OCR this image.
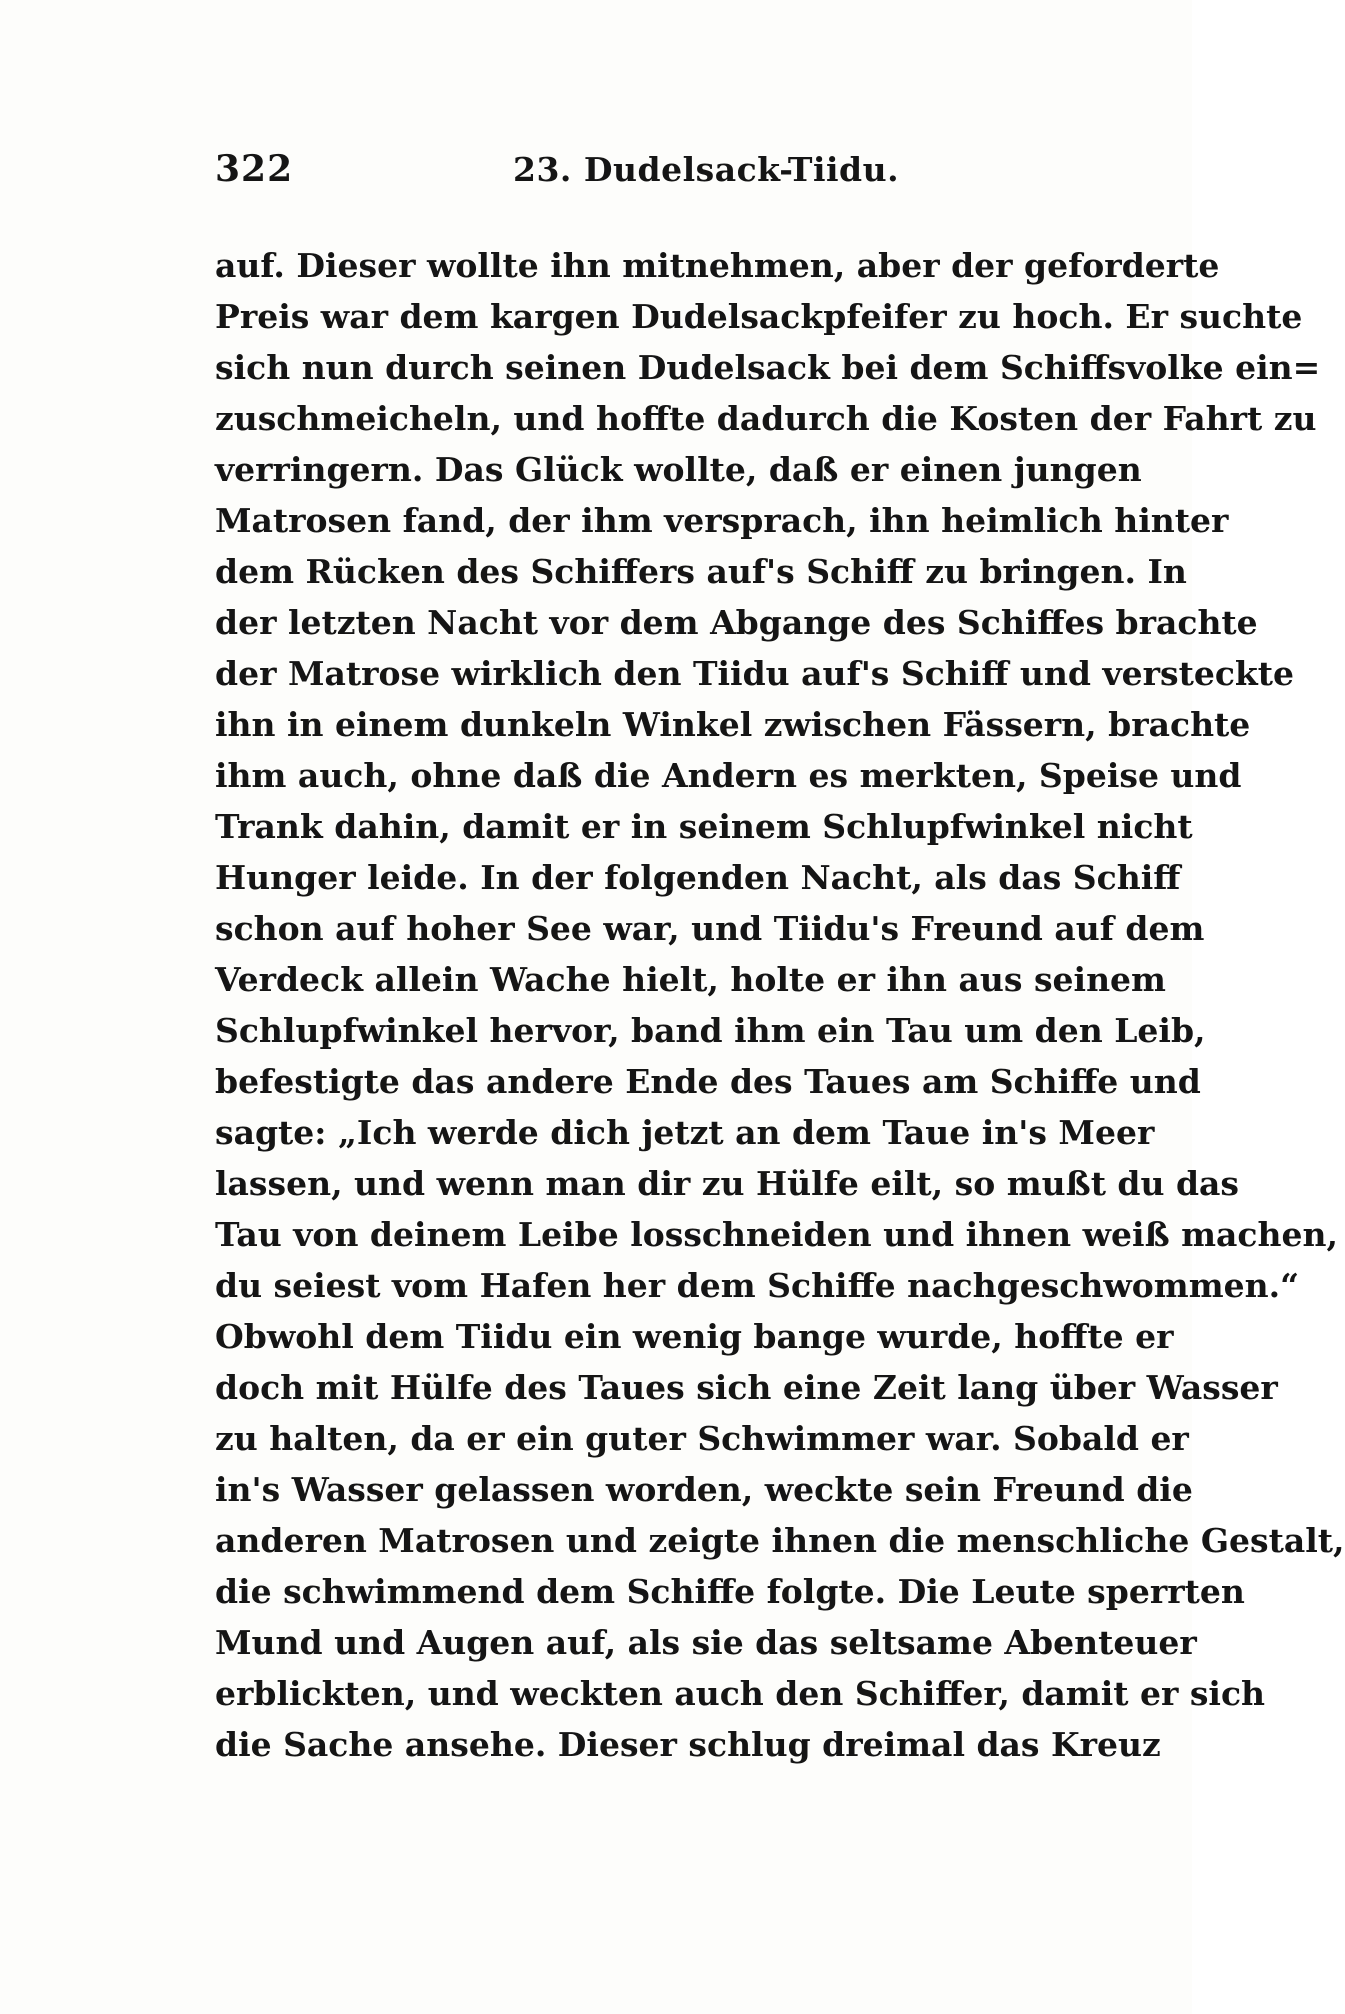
322	23. Dudelsack-Tiidu.
auf. Dieser wollte ihn mitnehmen, aber der geforderte
Preis war dem kargen Dudelsackpfeifer zu hoch. Er suchte
sich nun durch seinen Dudelsack bei dem Schiffsvolke ein=
zuschmeicheln, und hoffte dadurch die Kosten der Fahrt zu
verringern. Das Glück wollte, daß er einen jungen
Matrosen fand, der ihm versprach, ihn heimlich hinter
dem Rücken des Schiffers auf's Schiff zu bringen. In
der letzten Nacht vor dem Abgange des Schiffes brachte
der Matrose wirklich den Tiidu auf's Schiff und versteckte
ihn in einem dunkeln Winkel zwischen Fässern, brachte
ihm auch, ohne daß die Andern es merkten, Speise und
Trank dahin, damit er in seinem Schlupfwinkel nicht
Hunger leide. In der folgenden Nacht, als das Schiff
schon auf hoher See war, und Tiidu's Freund auf dem
Verdeck allein Wache hielt, holte er ihn aus seinem
Schlupfwinkel hervor, band ihm ein Tau um den Leib,
befestigte das andere Ende des Taues am Schiffe und
sagte: „Ich werde dich jetzt an dem Taue in's Meer
lassen, und wenn man dir zu Hülfe eilt, so mußt du das
Tau von deinem Leibe losschneiden und ihnen weiß machen,
du seiest vom Hafen her dem Schiffe nachgeschwommen.“
Obwohl dem Tiidu ein wenig bange wurde, hoffte er
doch mit Hülfe des Taues sich eine Zeit lang über Wasser
zu halten, da er ein guter Schwimmer war. Sobald er
in's Wasser gelassen worden, weckte sein Freund die
anderen Matrosen und zeigte ihnen die menschliche Gestalt,
die schwimmend dem Schiffe folgte. Die Leute sperrten
Mund und Augen auf, als sie das seltsame Abenteuer
erblickten, und weckten auch den Schiffer, damit er sich
die Sache ansehe. Dieser schlug dreimal das Kreuz
